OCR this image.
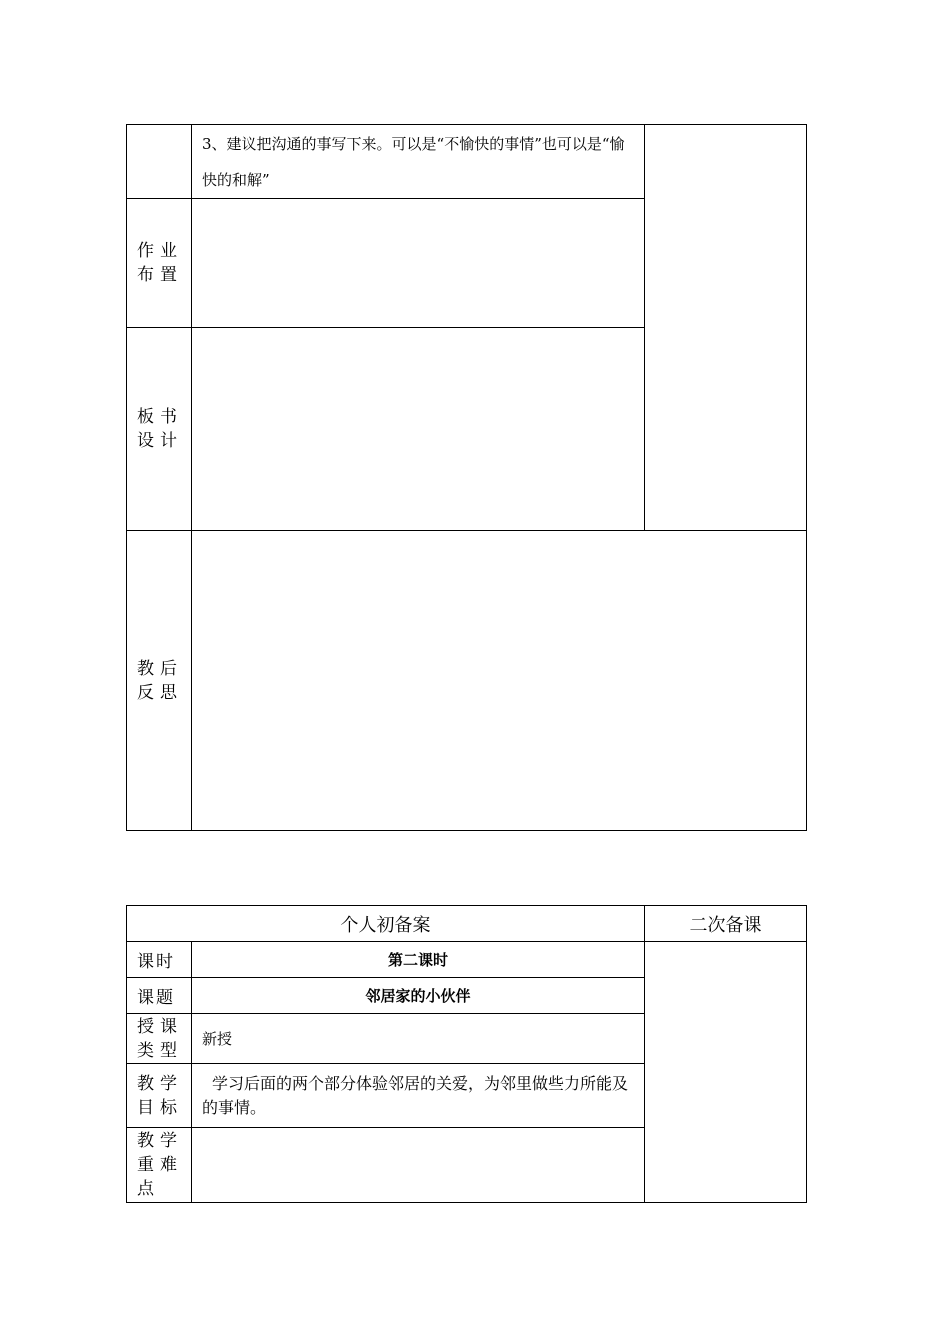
	3、建议把沟通的事写下来。可以是“不愉快的事情”也可以是“愉快的和解”	
作业布置		
板书设计		
教后反思		
个人初备案		二次备课
课时	第二课时	
课题	邻居家的小伙伴	
授课类型	新授	
教学目标	学习后面的两个部分体验邻居的关爱，为邻里做些力所能及的事情。	
教学重难点		
